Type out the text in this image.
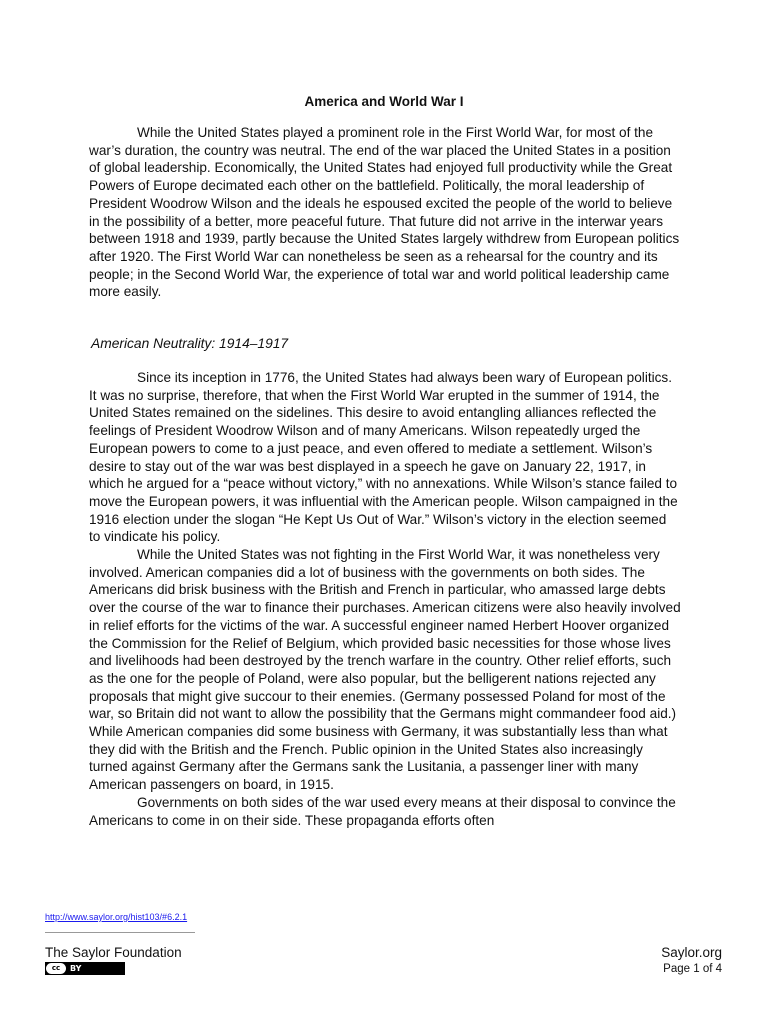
America and World War I

While the United States played a prominent role in the First World War, for most of the war’s duration, the country was neutral. The end of the war placed the United States in a position of global leadership. Economically, the United States had enjoyed full productivity while the Great Powers of Europe decimated each other on the battlefield. Politically, the moral leadership of President Woodrow Wilson and the ideals he espoused excited the people of the world to believe in the possibility of a better, more peaceful future. That future did not arrive in the interwar years between 1918 and 1939, partly because the United States largely withdrew from European politics after 1920. The First World War can nonetheless be seen as a rehearsal for the country and its people; in the Second World War, the experience of total war and world political leadership came more easily.

American Neutrality: 1914–1917

Since its inception in 1776, the United States had always been wary of European politics. It was no surprise, therefore, that when the First World War erupted in the summer of 1914, the United States remained on the sidelines. This desire to avoid entangling alliances reflected the feelings of President Woodrow Wilson and of many Americans. Wilson repeatedly urged the European powers to come to a just peace, and even offered to mediate a settlement. Wilson’s desire to stay out of the war was best displayed in a speech he gave on January 22, 1917, in which he argued for a “peace without victory,” with no annexations. While Wilson’s stance failed to move the European powers, it was influential with the American people. Wilson campaigned in the 1916 election under the slogan “He Kept Us Out of War.” Wilson’s victory in the election seemed to vindicate his policy.

While the United States was not fighting in the First World War, it was nonetheless very involved. American companies did a lot of business with the governments on both sides. The Americans did brisk business with the British and French in particular, who amassed large debts over the course of the war to finance their purchases. American citizens were also heavily involved in relief efforts for the victims of the war. A successful engineer named Herbert Hoover organized the Commission for the Relief of Belgium, which provided basic necessities for those whose lives and livelihoods had been destroyed by the trench warfare in the country. Other relief efforts, such as the one for the people of Poland, were also popular, but the belligerent nations rejected any proposals that might give succour to their enemies. (Germany possessed Poland for most of the war, so Britain did not want to allow the possibility that the Germans might commandeer food aid.) While American companies did some business with Germany, it was substantially less than what they did with the British and the French. Public opinion in the United States also increasingly turned against Germany after the Germans sank the Lusitania, a passenger liner with many American passengers on board, in 1915.

Governments on both sides of the war used every means at their disposal to convince the Americans to come in on their side. These propaganda efforts often

http://www.saylor.org/hist103/#6.2.1
The Saylor Foundation
cc	BY
Saylor.org
Page 1 of 4
